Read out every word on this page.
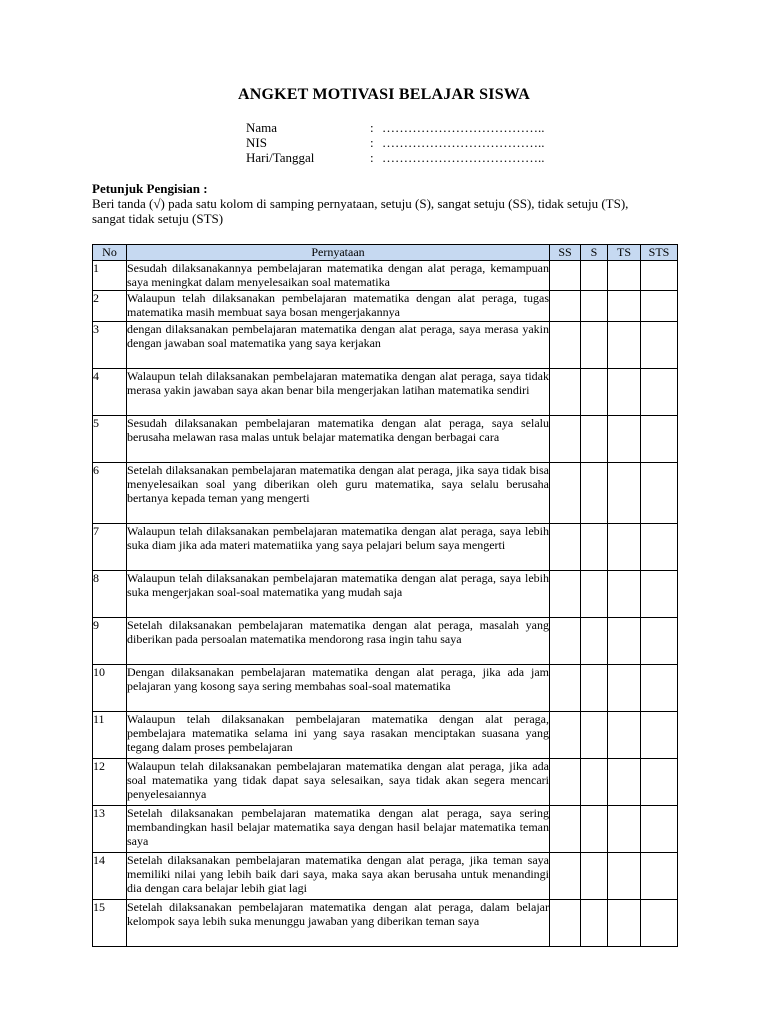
ANGKET MOTIVASI BELAJAR SISWA
Nama	: ………………………………..
NIS	: ………………………………..
Hari/Tanggal	: ………………………………..
Petunjuk Pengisian :
Beri tanda (√) pada satu kolom di samping pernyataan, setuju (S), sangat setuju (SS), tidak setuju (TS), sangat tidak setuju (STS)
No	Pernyataan	SS	S	TS	STS
1	Sesudah dilaksanakannya pembelajaran matematika dengan alat peraga, kemampuan saya meningkat dalam menyelesaikan soal matematika				
2	Walaupun telah dilaksanakan pembelajaran matematika dengan alat peraga, tugas matematika masih membuat saya bosan mengerjakannya				
3	dengan dilaksanakan pembelajaran matematika dengan alat peraga, saya merasa yakin dengan jawaban soal matematika yang saya kerjakan				
4	Walaupun telah dilaksanakan pembelajaran matematika dengan alat peraga, saya tidak merasa yakin jawaban saya akan benar bila mengerjakan latihan matematika sendiri				
5	Sesudah dilaksanakan pembelajaran matematika dengan alat peraga, saya selalu berusaha melawan rasa malas untuk belajar matematika dengan berbagai cara				
6	Setelah dilaksanakan pembelajaran matematika dengan alat peraga, jika saya tidak bisa menyelesaikan soal yang diberikan oleh guru matematika, saya selalu berusaha bertanya kepada teman yang mengerti				
7	Walaupun telah dilaksanakan pembelajaran matematika dengan alat peraga, saya lebih suka diam jika ada materi matematiika yang saya pelajari belum saya mengerti				
8	Walaupun telah dilaksanakan pembelajaran matematika dengan alat peraga, saya lebih suka mengerjakan soal-soal matematika yang mudah saja				
9	Setelah dilaksanakan pembelajaran matematika dengan alat peraga, masalah yang diberikan pada persoalan matematika mendorong rasa ingin tahu saya				
10	Dengan dilaksanakan pembelajaran matematika dengan alat peraga, jika ada jam pelajaran yang kosong saya sering membahas soal-soal matematika				
11	Walaupun telah dilaksanakan pembelajaran matematika dengan alat peraga, pembelajara matematika selama ini yang saya rasakan menciptakan suasana yang tegang dalam proses pembelajaran				
12	Walaupun telah dilaksanakan pembelajaran matematika dengan alat peraga, jika ada soal matematika yang tidak dapat saya selesaikan, saya tidak akan segera mencari penyelesaiannya				
13	Setelah dilaksanakan pembelajaran matematika dengan alat peraga, saya sering membandingkan hasil belajar matematika saya dengan hasil belajar matematika teman saya				
14	Setelah dilaksanakan pembelajaran matematika dengan alat peraga, jika teman saya memiliki nilai yang lebih baik dari saya, maka saya akan berusaha untuk menandingi dia dengan cara belajar lebih giat lagi				
15	Setelah dilaksanakan pembelajaran matematika dengan alat peraga, dalam belajar kelompok saya lebih suka menunggu jawaban yang diberikan teman saya				
